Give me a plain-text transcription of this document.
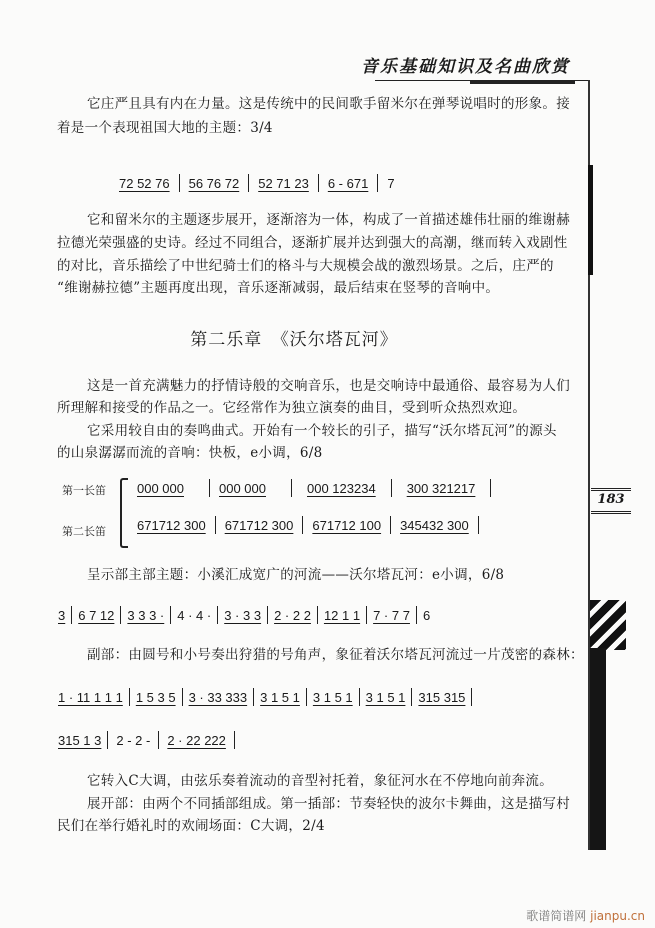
音乐基础知识及名曲欣赏
183
它庄严且具有内在力量。这是传统中的民间歌手留米尔在弹琴说唱时的形象。接
着是一个表现祖国大地的主题：3/4
72 52 76	56 76 72	52 71 23	6 - 671	7
它和留米尔的主题逐步展开，逐渐溶为一体，构成了一首描述雄伟壮丽的维谢赫
拉德光荣强盛的史诗。经过不同组合，逐渐扩展并达到强大的高潮，继而转入戏剧性
的对比，音乐描绘了中世纪骑士们的格斗与大规模会战的激烈场景。之后，庄严的
“维谢赫拉德”主题再度出现，音乐逐渐减弱，最后结束在竖琴的音响中。
第二乐章　《沃尔塔瓦河》
这是一首充满魅力的抒情诗般的交响音乐，也是交响诗中最通俗、最容易为人们
所理解和接受的作品之一。它经常作为独立演奏的曲目，受到听众热烈欢迎。
它采用较自由的奏鸣曲式。开始有一个较长的引子，描写“沃尔塔瓦河”的源头
的山泉潺潺而流的音响：快板，e小调，6/8
第一长笛
第二长笛
000 000	000 000	000 123234	300 321217
671712 300	671712 300	671712 100	345432 300
呈示部主部主题：小溪汇成宽广的河流——沃尔塔瓦河：e小调，6/8
3	6 7 12	3 3 3 ·	4 · 4 ·	3 · 3 3	2 · 2 2	12 1 1	7 · 7 7	6
副部：由圆号和小号奏出狩猎的号角声，象征着沃尔塔瓦河流过一片茂密的森林：
1 · 11 1 1 1	1 5 3 5	3 · 33 333	3 1 5 1	3 1 5 1	3 1 5 1	315 315
315 1 3	2 - 2 -	2 · 22 222
它转入C大调，由弦乐奏着流动的音型衬托着，象征河水在不停地向前奔流。
展开部：由两个不同插部组成。第一插部：节奏轻快的波尔卡舞曲，这是描写村
民们在举行婚礼时的欢闹场面：C大调，2/4
歌谱简谱网 jianpu.cn
